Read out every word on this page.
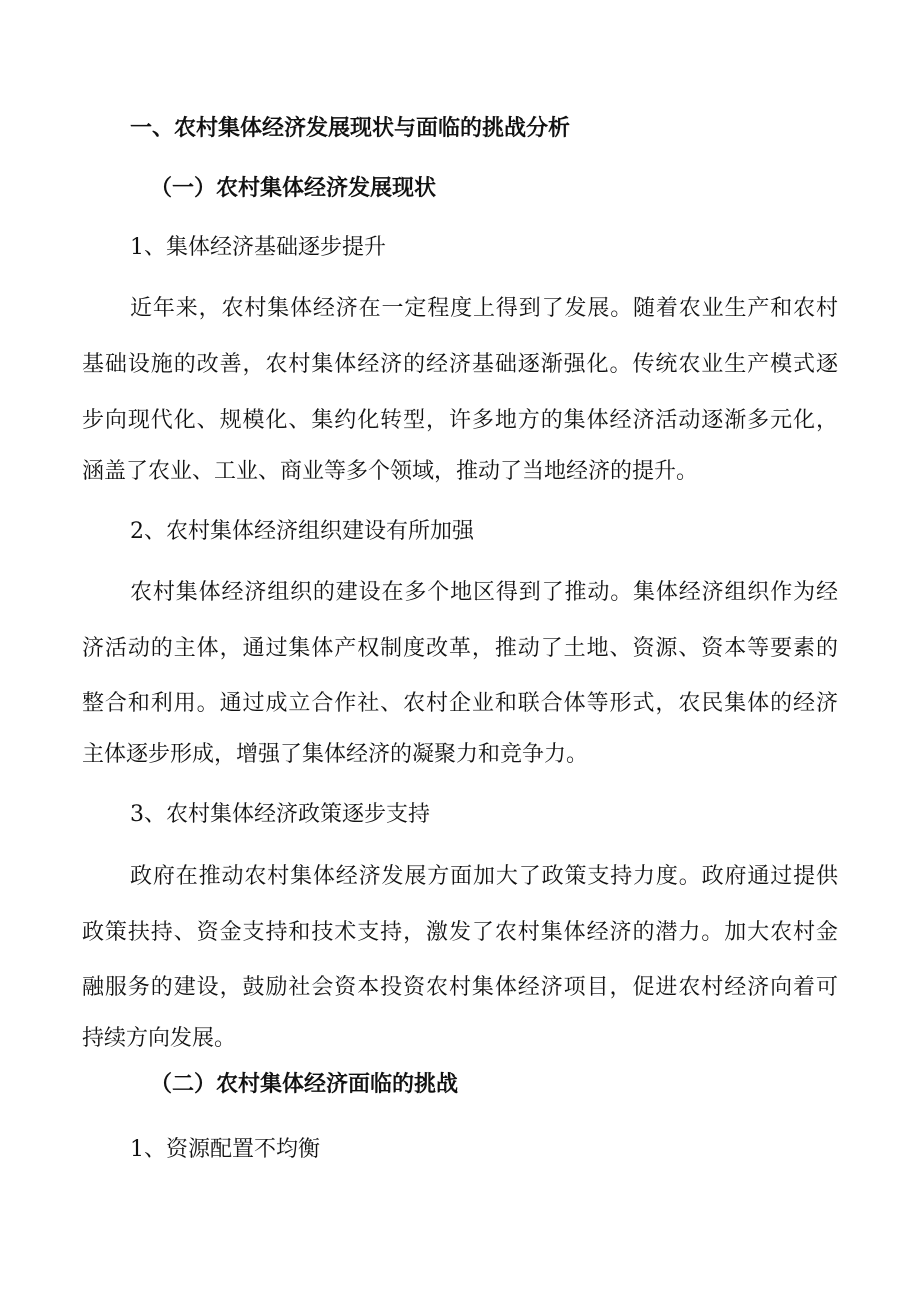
一、农村集体经济发展现状与面临的挑战分析
（一）农村集体经济发展现状
1、集体经济基础逐步提升
近年来，农村集体经济在一定程度上得到了发展。随着农业生产和农村
基础设施的改善，农村集体经济的经济基础逐渐强化。传统农业生产模式逐
步向现代化、规模化、集约化转型，许多地方的集体经济活动逐渐多元化，
涵盖了农业、工业、商业等多个领域，推动了当地经济的提升。
2、农村集体经济组织建设有所加强
农村集体经济组织的建设在多个地区得到了推动。集体经济组织作为经
济活动的主体，通过集体产权制度改革，推动了土地、资源、资本等要素的
整合和利用。通过成立合作社、农村企业和联合体等形式，农民集体的经济
主体逐步形成，增强了集体经济的凝聚力和竞争力。
3、农村集体经济政策逐步支持
政府在推动农村集体经济发展方面加大了政策支持力度。政府通过提供
政策扶持、资金支持和技术支持，激发了农村集体经济的潜力。加大农村金
融服务的建设，鼓励社会资本投资农村集体经济项目，促进农村经济向着可
持续方向发展。
（二）农村集体经济面临的挑战
1、资源配置不均衡
